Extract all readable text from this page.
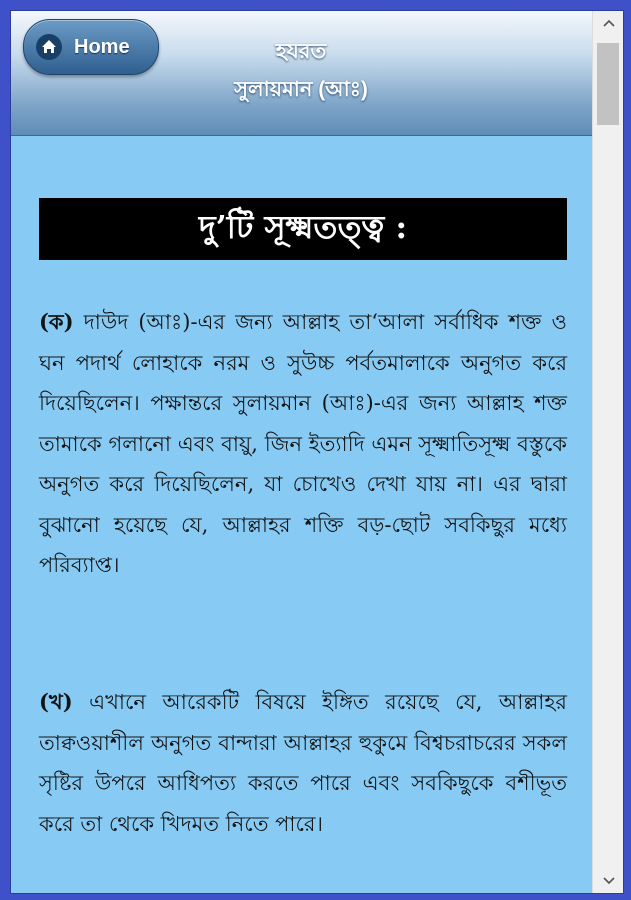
Home	হযরত
সুলায়মান (আঃ)
দু’টি সূক্ষ্মতত্ত্ব :

(ক) দাউদ (আঃ)-এর জন্য আল্লাহ তা‘আলা সর্বাধিক শক্ত ও ঘন পদার্থ লোহাকে নরম ও সুউচ্চ পর্বতমালাকে অনুগত করে দিয়েছিলেন। পক্ষান্তরে সুলায়মান (আঃ)-এর জন্য আল্লাহ শক্ত তামাকে গলানো এবং বায়ু, জিন ইত্যাদি এমন সূক্ষ্মাতিসূক্ষ্ম বস্তুকে অনুগত করে দিয়েছিলেন, যা চোখেও দেখা যায় না। এর দ্বারা বুঝানো হয়েছে যে, আল্লাহর শক্তি বড়-ছোট সবকিছুর মধ্যে পরিব্যাপ্ত।

(খ) এখানে আরেকটি বিষয়ে ইঙ্গিত রয়েছে যে, আল্লাহর তাক্বওয়াশীল অনুগত বান্দারা আল্লাহর হুকুমে বিশ্বচরাচরের সকল সৃষ্টির উপরে আধিপত্য করতে পারে এবং সবকিছুকে বশীভূত করে তা থেকে খিদমত নিতে পারে।
